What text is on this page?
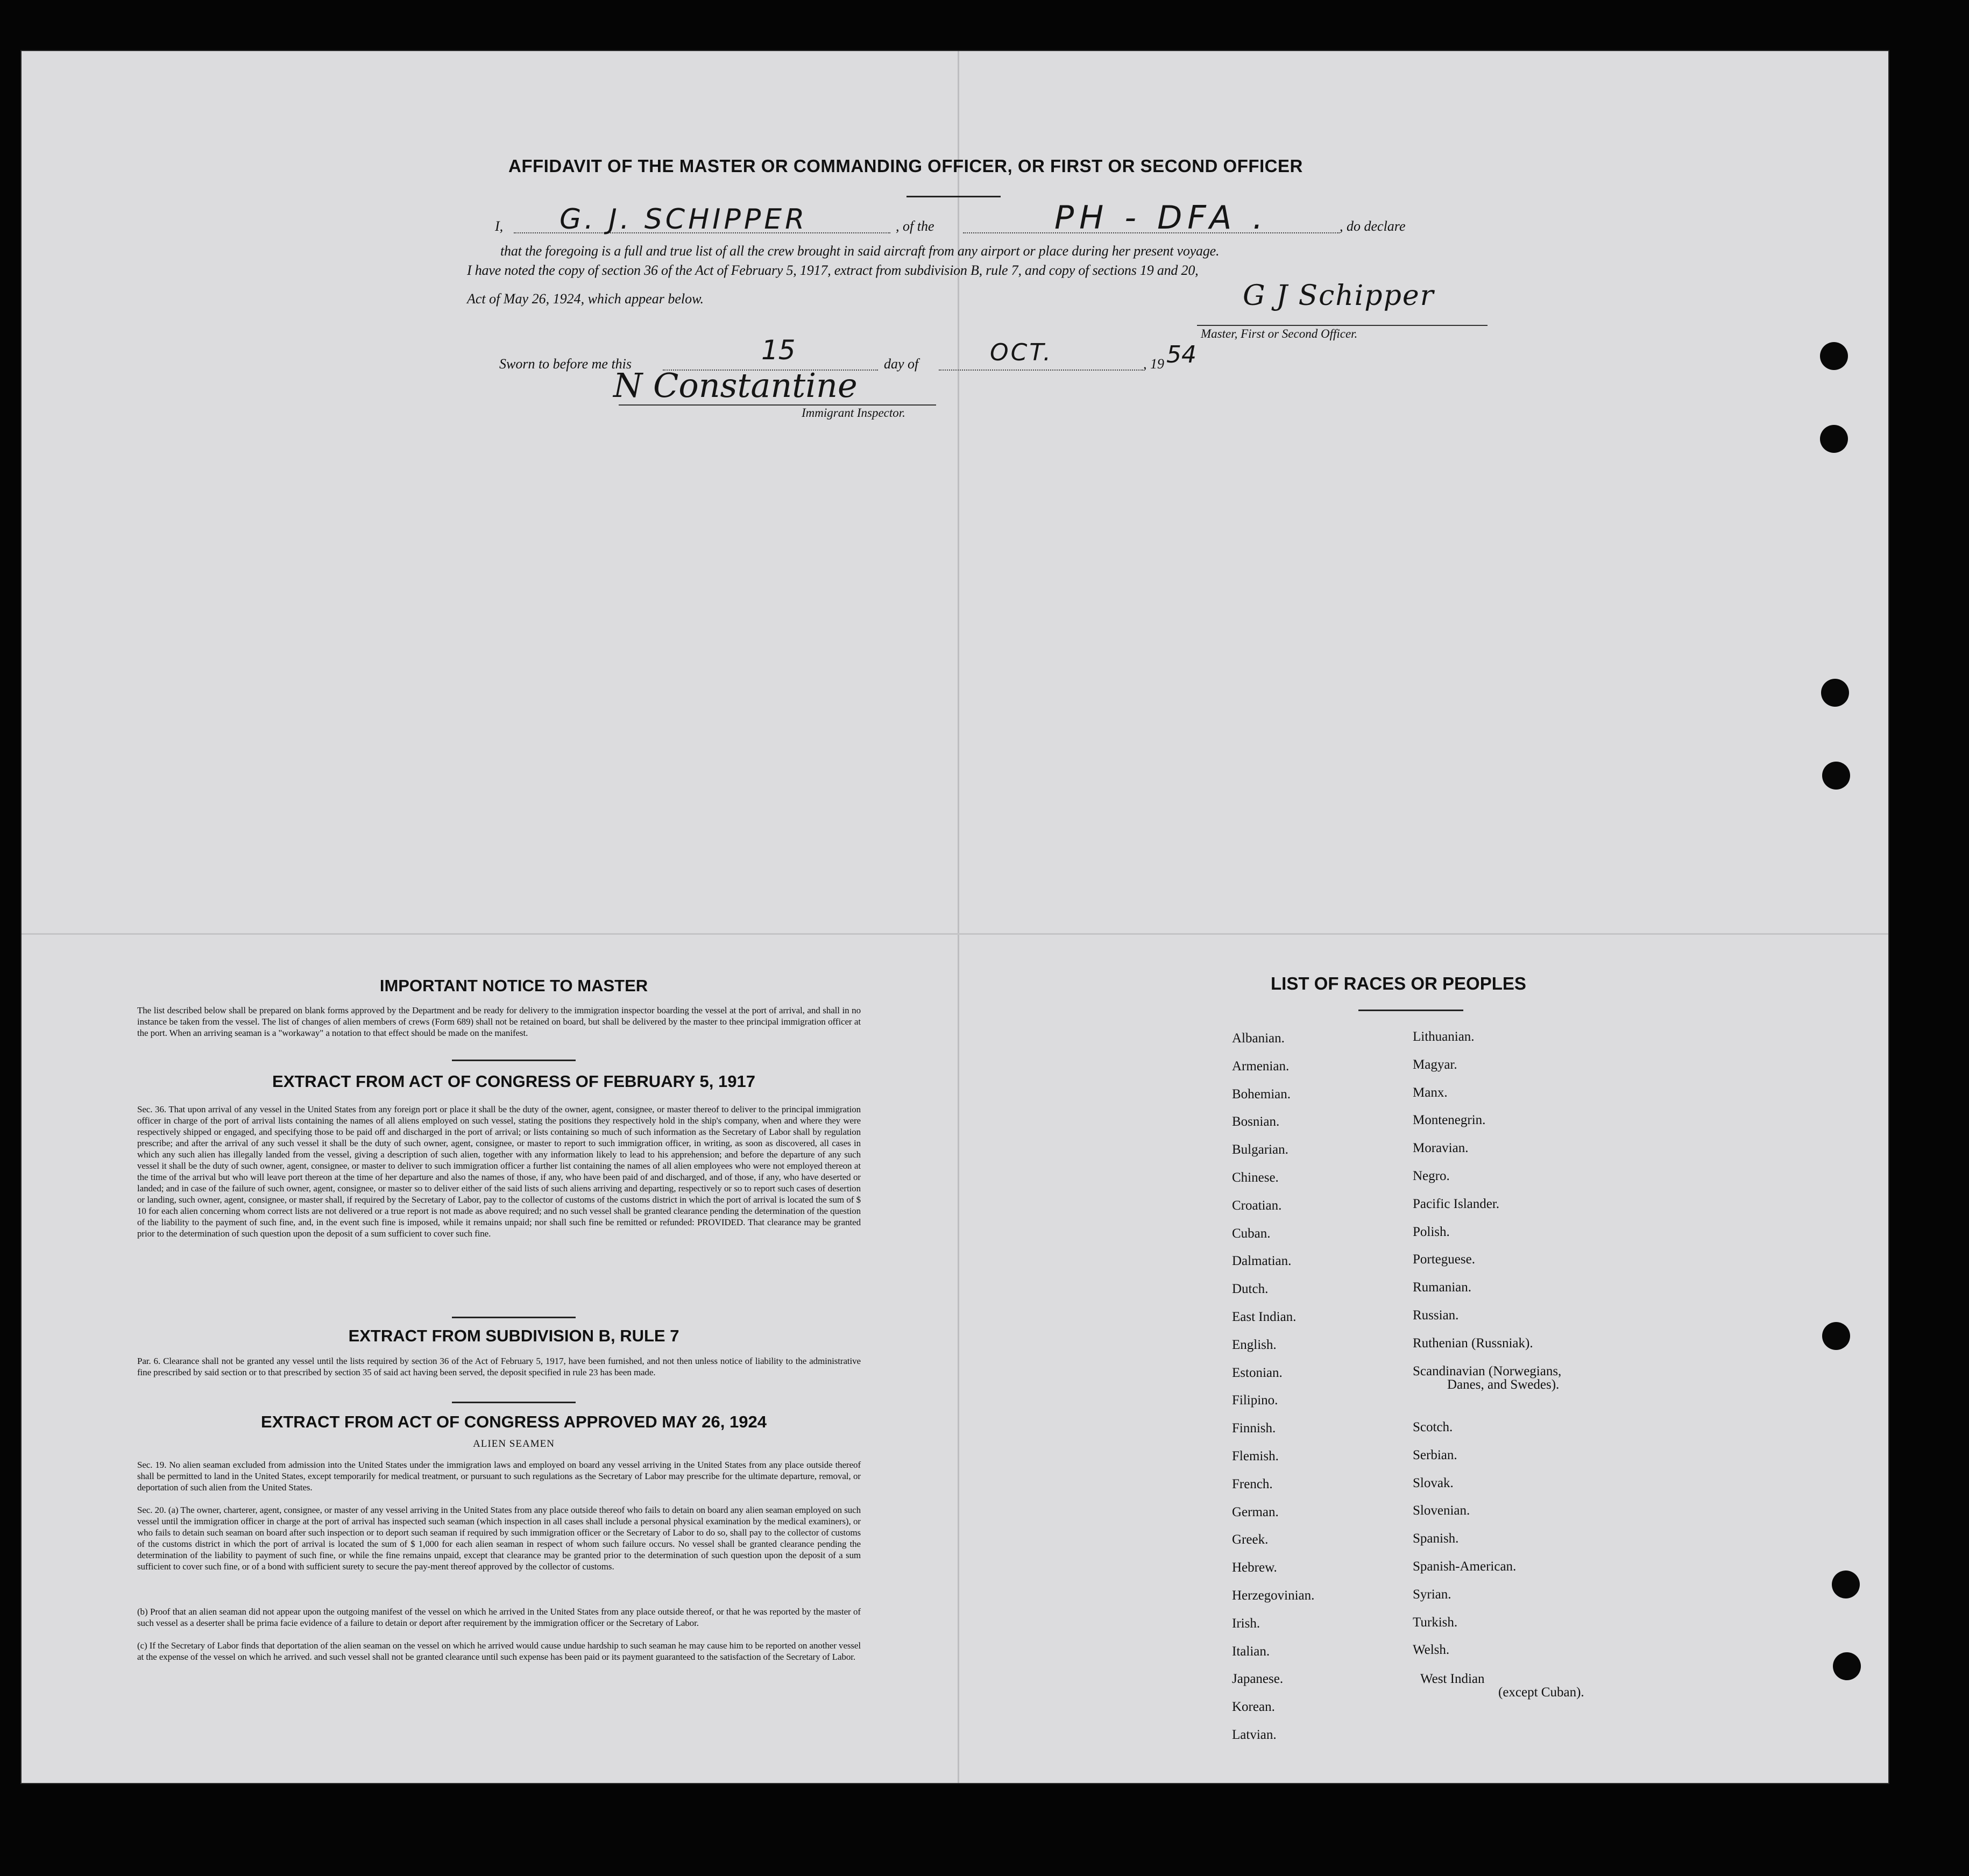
AFFIDAVIT OF THE MASTER OR COMMANDING OFFICER, OR FIRST OR SECOND OFFICER
I, G. J. SCHIPPER	, of the	PH - DFA .	, do declare
that the foregoing is a full and true list of all the crew brought in said aircraft from any airport or place during her present voyage.
I have noted the copy of section 36 of the Act of February 5, 1917, extract from subdivision B, rule 7, and copy of sections 19 and 20,
Act of May 26, 1924, which appear below.	G J Schipper
Master, First or Second Officer.
Sworn to before me this	15	day of	OCT.	, 19 54
N Constantine
Immigrant Inspector.
IMPORTANT NOTICE TO MASTER
The list described below shall be prepared on blank forms approved by the Department and be ready for delivery to the immigration inspector boarding the vessel at the port of arrival, and shall in no instance be taken from the vessel. The list of changes of alien members of crews (Form 689) shall not be retained on board, but shall be delivered by the master to thee principal immigration officer at the port. When an arriving seaman is a "workaway" a notation to that effect should be made on the manifest.
EXTRACT FROM ACT OF CONGRESS OF FEBRUARY 5, 1917
Sec. 36. That upon arrival of any vessel in the United States from any foreign port or place it shall be the duty of the owner, agent, consignee, or master thereof to deliver to the principal immigration officer in charge of the port of arrival lists containing the names of all aliens employed on such vessel, stating the positions they respectively hold in the ship's company, when and where they were respectively shipped or engaged, and specifying those to be paid off and discharged in the port of arrival; or lists containing so much of such information as the Secretary of Labor shall by regulation prescribe; and after the arrival of any such vessel it shall be the duty of such owner, agent, consignee, or master to report to such immigration officer, in writing, as soon as discovered, all cases in which any such alien has illegally landed from the vessel, giving a description of such alien, together with any information likely to lead to his apprehension; and before the departure of any such vessel it shall be the duty of such owner, agent, consignee, or master to deliver to such immigration officer a further list containing the names of all alien employees who were not employed thereon at the time of the arrival but who will leave port thereon at the time of her departure and also the names of those, if any, who have been paid of and discharged, and of those, if any, who have deserted or landed; and in case of the failure of such owner, agent, consignee, or master so to deliver either of the said lists of such aliens arriving and departing, respectively or so to report such cases of desertion or landing, such owner, agent, consignee, or master shall, if required by the Secretary of Labor, pay to the collector of customs of the customs district in which the port of arrival is located the sum of $ 10 for each alien concerning whom correct lists are not delivered or a true report is not made as above required; and no such vessel shall be granted clearance pending the determination of the question of the liability to the payment of such fine, and, in the event such fine is imposed, while it remains unpaid; nor shall such fine be remitted or refunded: PROVIDED. That clearance may be granted prior to the determination of such question upon the deposit of a sum sufficient to cover such fine.
EXTRACT FROM SUBDIVISION B, RULE 7
Par. 6. Clearance shall not be granted any vessel until the lists required by section 36 of the Act of February 5, 1917, have been furnished, and not then unless notice of liability to the administrative fine prescribed by said section or to that prescribed by section 35 of said act having been served, the deposit specified in rule 23 has been made.
EXTRACT FROM ACT OF CONGRESS APPROVED MAY 26, 1924
ALIEN SEAMEN
Sec. 19. No alien seaman excluded from admission into the United States under the immigration laws and employed on board any vessel arriving in the United States from any place outside thereof shall be permitted to land in the United States, except temporarily for medical treatment, or pursuant to such regulations as the Secretary of Labor may prescribe for the ultimate departure, removal, or deportation of such alien from the United States.
Sec. 20. (a) The owner, charterer, agent, consignee, or master of any vessel arriving in the United States from any place outside thereof who fails to detain on board any alien seaman employed on such vessel until the immigration officer in charge at the port of arrival has inspected such seaman (which inspection in all cases shall include a personal physical examination by the medical examiners), or who fails to detain such seaman on board after such inspection or to deport such seaman if required by such immigration officer or the Secretary of Labor to do so, shall pay to the collector of customs of the customs district in which the port of arrival is located the sum of $ 1,000 for each alien seaman in respect of whom such failure occurs. No vessel shall be granted clearance pending the determination of the liability to payment of such fine, or while the fine remains unpaid, except that clearance may be granted prior to the determination of such question upon the deposit of a sum sufficient to cover such fine, or of a bond with sufficient surety to secure the pay-ment thereof approved by the collector of customs.
(b) Proof that an alien seaman did not appear upon the outgoing manifest of the vessel on which he arrived in the United States from any place outside thereof, or that he was reported by the master of such vessel as a deserter shall be prima facie evidence of a failure to detain or deport after requirement by the immigration officer or the Secretary of Labor.
(c) If the Secretary of Labor finds that deportation of the alien seaman on the vessel on which he arrived would cause undue hardship to such seaman he may cause him to be reported on another vessel at the expense of the vessel on which he arrived. and such vessel shall not be granted clearance until such expense has been paid or its payment guaranteed to the satisfaction of the Secretary of Labor.
LIST OF RACES OR PEOPLES
Albanian.
Armenian.
Bohemian.
Bosnian.
Bulgarian.
Chinese.
Croatian.
Cuban.
Dalmatian.
Dutch.
East Indian.
English.
Estonian.
Filipino.
Finnish.
Flemish.
French.
German.
Greek.
Hebrew.
Herzegovinian.
Irish.
Italian.
Japanese.
Korean.
Latvian.
Lithuanian.
Magyar.
Manx.
Montenegrin.
Moravian.
Negro.
Pacific Islander.
Polish.
Porteguese.
Rumanian.
Russian.
Ruthenian (Russniak).
Scandinavian (Norwegians,
Danes, and Swedes).
Scotch.
Serbian.
Slovak.
Slovenian.
Spanish.
Spanish-American.
Syrian.
Turkish.
Welsh.
West Indian
(except Cuban).
